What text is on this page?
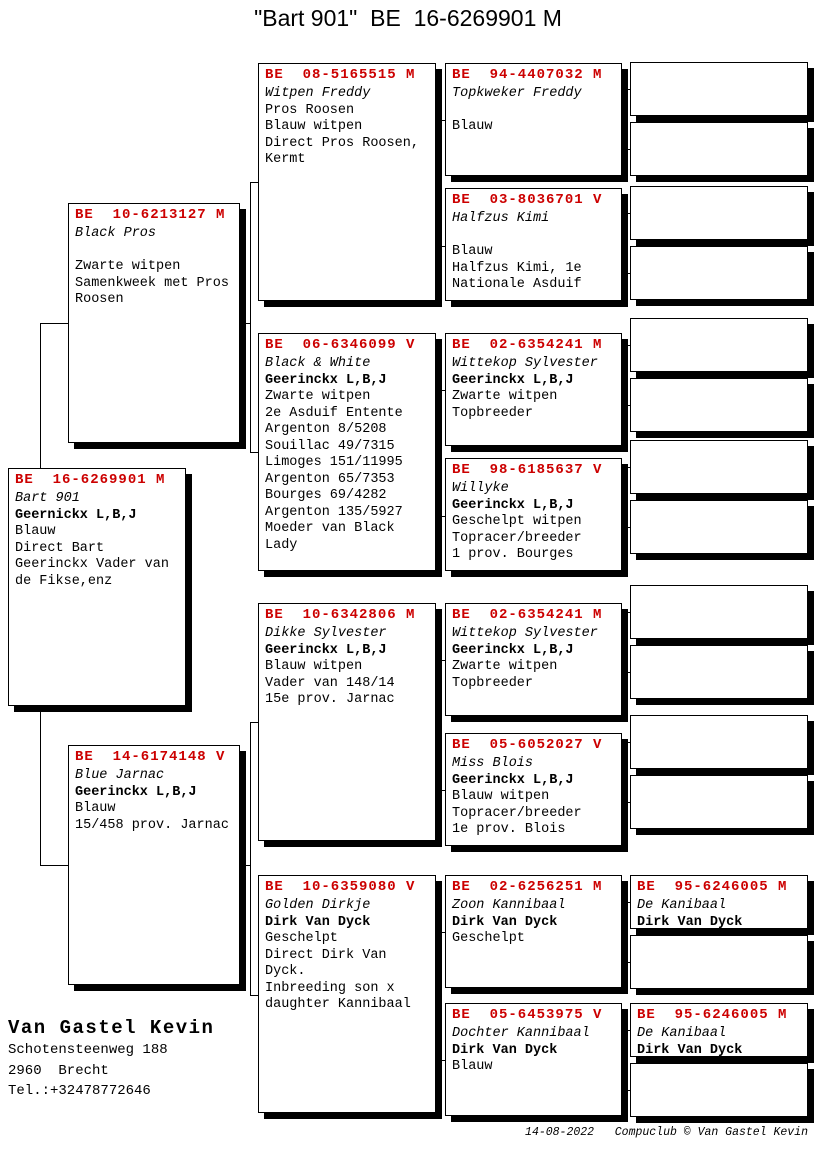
"Bart 901"  BE  16-6269901 M
BE  16-6269901 M
Bart 901
Geernickx L,B,J
Blauw
Direct Bart
Geerinckx Vader van
de Fikse,enz
BE  10-6213127 M
Black Pros

Zwarte witpen
Samenkweek met Pros
Roosen
BE  14-6174148 V
Blue Jarnac
Geerinckx L,B,J
Blauw
15/458 prov. Jarnac
BE  08-5165515 M
Witpen Freddy
Pros Roosen
Blauw witpen
Direct Pros Roosen,
Kermt
BE  06-6346099 V
Black & White
Geerinckx L,B,J
Zwarte witpen
2e Asduif Entente
Argenton 8/5208
Souillac 49/7315
Limoges 151/11995
Argenton 65/7353
Bourges 69/4282
Argenton 135/5927
Moeder van Black
Lady
BE  10-6342806 M
Dikke Sylvester
Geerinckx L,B,J
Blauw witpen
Vader van 148/14
15e prov. Jarnac
BE  10-6359080 V
Golden Dirkje
Dirk Van Dyck
Geschelpt
Direct Dirk Van
Dyck.
Inbreeding son x
daughter Kannibaal
BE  94-4407032 M
Topkweker Freddy

Blauw
BE  03-8036701 V
Halfzus Kimi

Blauw
Halfzus Kimi, 1e
Nationale Asduif
BE  02-6354241 M
Wittekop Sylvester
Geerinckx L,B,J
Zwarte witpen
Topbreeder
BE  98-6185637 V
Willyke
Geerinckx L,B,J
Geschelpt witpen
Topracer/breeder
1 prov. Bourges
BE  02-6354241 M
Wittekop Sylvester
Geerinckx L,B,J
Zwarte witpen
Topbreeder
BE  05-6052027 V
Miss Blois
Geerinckx L,B,J
Blauw witpen
Topracer/breeder
1e prov. Blois
BE  02-6256251 M
Zoon Kannibaal
Dirk Van Dyck
Geschelpt
BE  05-6453975 V
Dochter Kannibaal
Dirk Van Dyck
Blauw
BE  95-6246005 M
De Kanibaal
Dirk Van Dyck
BE  95-6246005 M
De Kanibaal
Dirk Van Dyck
Van Gastel Kevin
Schotensteenweg 188
2960  Brecht
Tel.:+32478772646
14-08-2022   Compuclub © Van Gastel Kevin
